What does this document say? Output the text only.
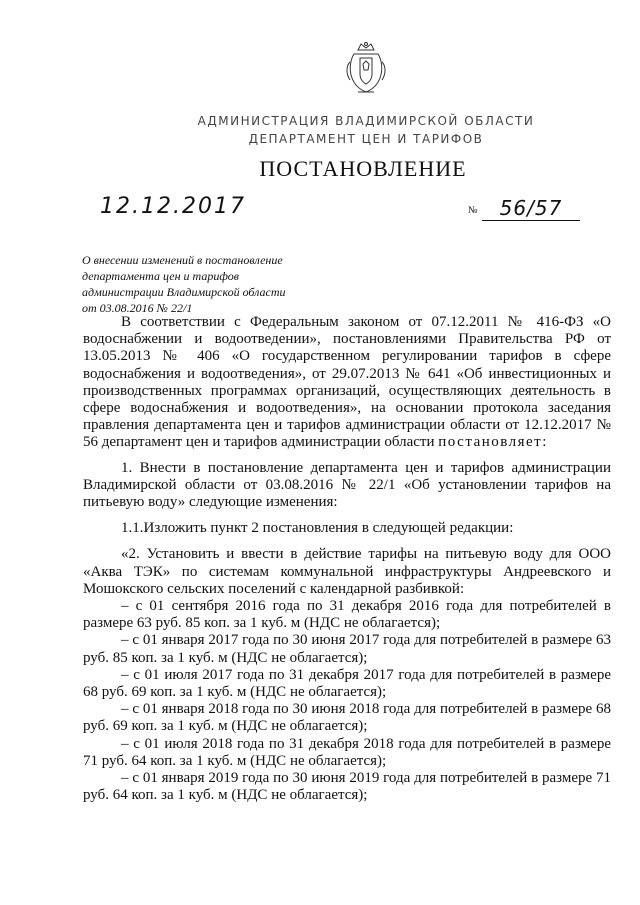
АДМИНИСТРАЦИЯ ВЛАДИМИРСКОЙ ОБЛАСТИ
ДЕПАРТАМЕНТ ЦЕН И ТАРИФОВ
ПОСТАНОВЛЕНИЕ
12.12.2017	№	56/57
О внесении изменений в постановление
департамента цен и тарифов
администрации Владимирской области
от 03.08.2016 № 22/1

В соответствии с Федеральным законом от 07.12.2011 № 416-ФЗ «О водоснабжении и водоотведении», постановлениями Правительства РФ от 13.05.2013 № 406 «О государственном регулировании тарифов в сфере водоснабжения и водоотведения», от 29.07.2013 № 641 «Об инвестиционных и производственных программах организаций, осуществляющих деятельность в сфере водоснабжения и водоотведения», на основании протокола заседания правления департамента цен и тарифов администрации области от 12.12.2017 № 56 департамент цен и тарифов администрации области постановляет:

1. Внести в постановление департамента цен и тарифов администрации Владимирской области от 03.08.2016 № 22/1 «Об установлении тарифов на питьевую воду» следующие изменения:

1.1.Изложить пункт 2 постановления в следующей редакции:

«2. Установить и ввести в действие тарифы на питьевую воду для ООО «Аква ТЭК» по системам коммунальной инфраструктуры Андреевского и Мошокского сельских поселений с календарной разбивкой:

– с 01 сентября 2016 года по 31 декабря 2016 года для потребителей в размере 63 руб. 85 коп. за 1 куб. м (НДС не облагается);

– с 01 января 2017 года по 30 июня 2017 года для потребителей в размере 63 руб. 85 коп. за 1 куб. м (НДС не облагается);

– с 01 июля 2017 года по 31 декабря 2017 года для потребителей в размере 68 руб. 69 коп. за 1 куб. м (НДС не облагается);

– с 01 января 2018 года по 30 июня 2018 года для потребителей в размере 68 руб. 69 коп. за 1 куб. м (НДС не облагается);

– с 01 июля 2018 года по 31 декабря 2018 года для потребителей в размере 71 руб. 64 коп. за 1 куб. м (НДС не облагается);

– с 01 января 2019 года по 30 июня 2019 года для потребителей в размере 71 руб. 64 коп. за 1 куб. м (НДС не облагается);
